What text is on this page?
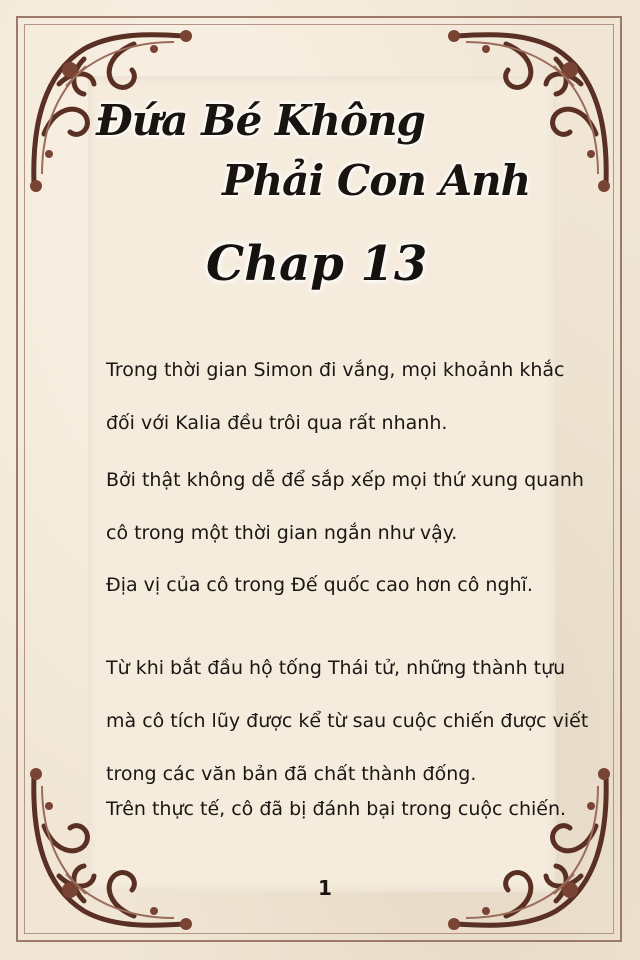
Đứa Bé Không
Phải Con Anh
Chap 13
Trong thời gian Simon đi vắng, mọi khoảnh khắc
đối với Kalia đều trôi qua rất nhanh.
Bởi thật không dễ để sắp xếp mọi thứ xung quanh
cô trong một thời gian ngắn như vậy.
Địa vị của cô trong Đế quốc cao hơn cô nghĩ.
Từ khi bắt đầu hộ tống Thái tử, những thành tựu
mà cô tích lũy được kể từ sau cuộc chiến được viết
trong các văn bản đã chất thành đống.
Trên thực tế, cô đã bị đánh bại trong cuộc chiến.
1
